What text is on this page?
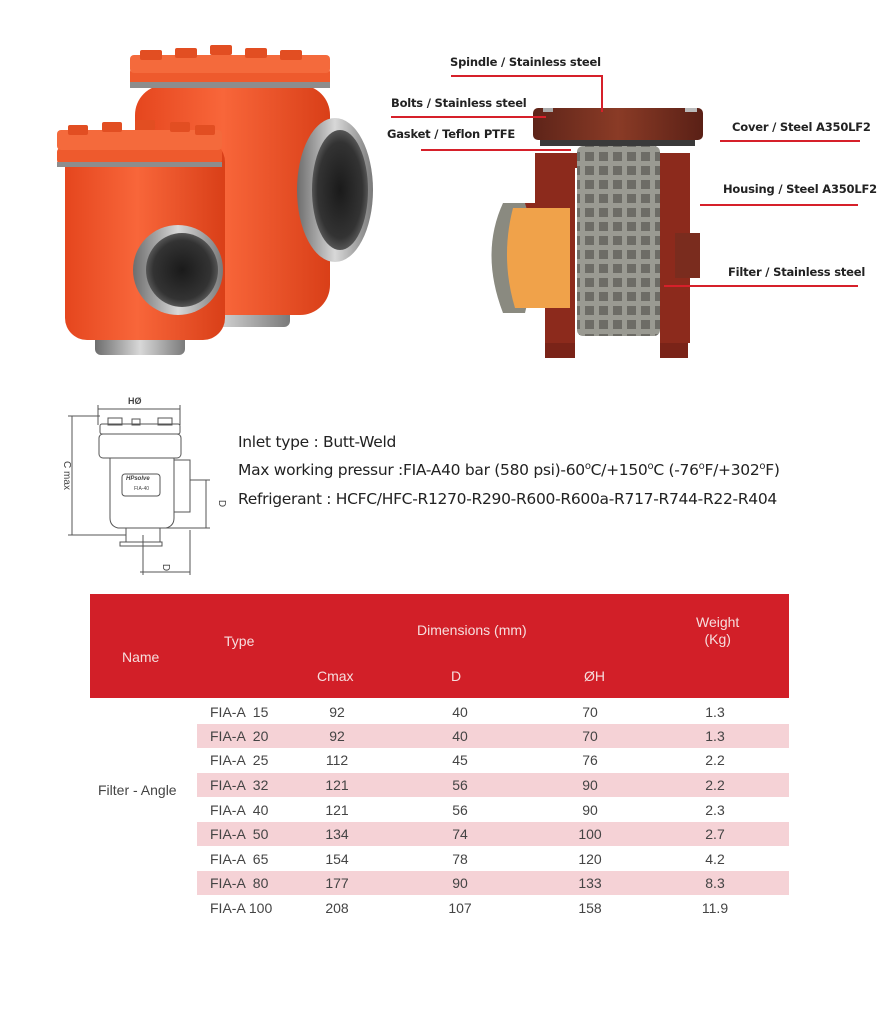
Spindle / Stainless steel
Bolts / Stainless steel
Gasket / Teflon PTFE	Cover / Steel A350LF2
Housing / Steel A350LF2
Filter / Stainless steel
HØ
C max
D
D
HPsolve
FIA-40
Inlet type : Butt-Weld
Max working pressur :FIA-A40 bar (580 $psi)-60^oC/+150^oC$ $(-76^oF/+302^oF)$
Refrigerant : HCFC/HFC-R1270-R290-R600-R600a-R717-R744-R22-R404
Name
Type
Dimensions (mm)
Cmax	D	ØH
Weight
(Kg)
Filter - Angle
FIA-A  15	92	40	70	1.3
FIA-A  20	92	40	70	1.3
FIA-A  25	112	45	76	2.2
FIA-A  32	121	56	90	2.2
FIA-A  40	121	56	90	2.3
FIA-A  50	134	74	100	2.7
FIA-A  65	154	78	120	4.2
FIA-A  80	177	90	133	8.3
FIA-A 100	208	107	158	11.9
